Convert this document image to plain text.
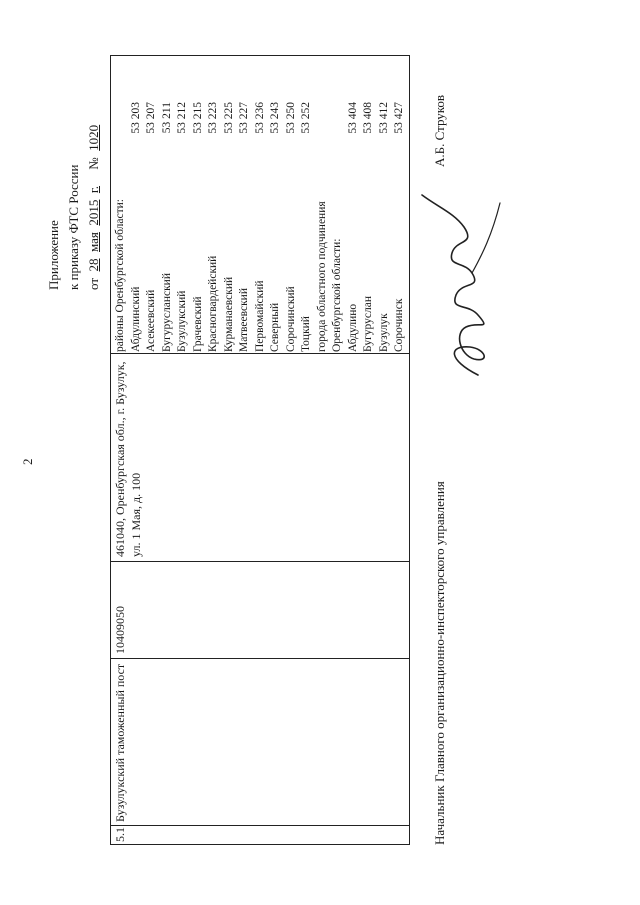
2
Приложение к приказу ФТС России от  28  мая  2015  г.     №  1020
5.1
Бузулукский таможенный пост
10409050
461040, Оренбургская обл., г. Бузулук, ул. 1 Мая, д. 100
районы Оренбургской области: Абдулинский
53 203
Асекеевский
53 207
Бугурусланский
53 211
Бузулукский
53 212
Грачевский
53 215
Красногвардейский
53 223
Курманаевский
53 225
Матвеевский
53 227
Первомайский
53 236
Северный
53 243
Сорочинский
53 250
Тоцкий
53 252
города областного подчинения Оренбургской области: Абдулино
53 404
Бугуруслан
53 408
Бузулук
53 412
Сорочинск
53 427
Начальник Главного организационно-инспекторского управления
А.Б. Струков
